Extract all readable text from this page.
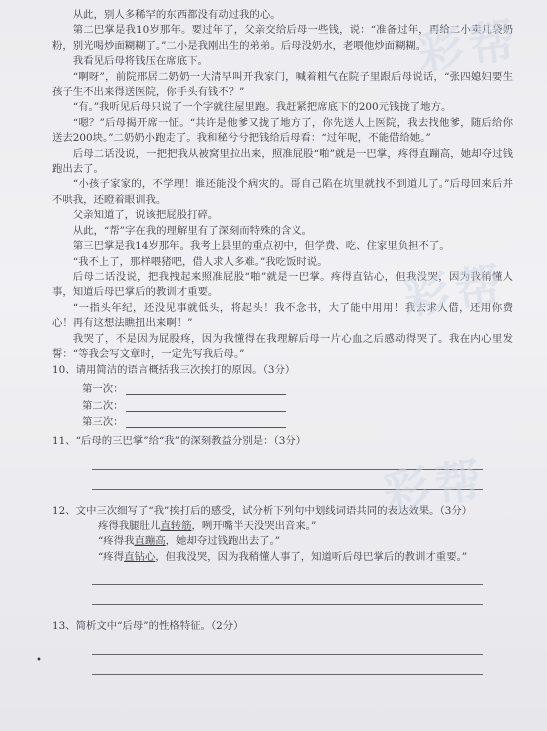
彩帮
彩帮
彩帮

从此，别人多稀罕的东西都没有动过我的心。

第二巴掌是我10岁那年。要过年了，父亲交给后母一些钱，说：“准备过年，再给二小卖几袋奶粉，别光喝炒面糊糊了。”二小是我刚出生的弟弟。后母没奶水，老喂他炒面糊糊。

我看见后母将钱压在席底下。

“啊呀”，前院邢居二奶奶一大清早叫开我家门，喊着粗气在院子里跟后母说话，“张四媳妇要生孩子生不出来得送医院，你手头有钱不？”

“有。”我听见后母只说了一个字就往屋里跑。我赶紧把席底下的200元钱拢了地方。

“嗯？”后母揭开席一怔。“共许是他爹又拢了地方了，你先送人上医院，我去找他爹，随后给你送去200块。”二奶奶小跑走了。我和秘兮兮把钱给后母看：“过年呢，不能借给她。”

后母二话没说，一把把我从被窝里拉出来，照准屁股“啪”就是一巴掌，疼得直蹦高，她却夺过钱跑出去了。

“小孩子家家的，不学理！谁还能没个病灾的。哥自己陷在坑里就找不到道儿了。”后母回来后并不哄我，还瞪着眼训我。

父亲知道了，说该把屁股打碎。

从此，“帮”字在我的理解里有了深刻而特殊的含义。

第三巴掌是我14岁那年。我考上县里的重点初中，但学费、吃、住家里负担不了。

“我不上了，那样喂猪吧，借人求人多难。”我吃饭时说。

后母二话没说，把我拽起来照准屁股“啪”就是一巴掌。疼得直钻心，但我没哭，因为我稍懂人事，知道后母巴掌后的教训才重要。

“一指头年纪，还没见事就低头，将起头！我不念书，大了能中用用！我去求人借，还用你费心！再有这想法瞧扭出来啊！”

我哭了，不是因为屁股疼，因为我懂得在我理解后母一片心血之后感动得哭了。我在内心里发誓：“等我会写文章时，一定先写我后母。”

10、请用简洁的语言概括我三次挨打的原因。（3分）

第一次：
第二次：
第三次：

11、“后母的三巴掌”给“我”的深刻教益分别是：（3分）

12、文中三次细写了“我”挨打后的感受，试分析下列句中划线词语共同的表达效果。（3分）

疼得我腿肚儿直转筋，咧开嘴半天没哭出音来。”

“疼得我直蹦高，她却夺过钱跑出去了。”

“疼得直钻心，但我没哭，因为我稍懂人事了，知道听后母巴掌后的教训才重要。”

13、简析文中“后母”的性格特征。（2分）

•
